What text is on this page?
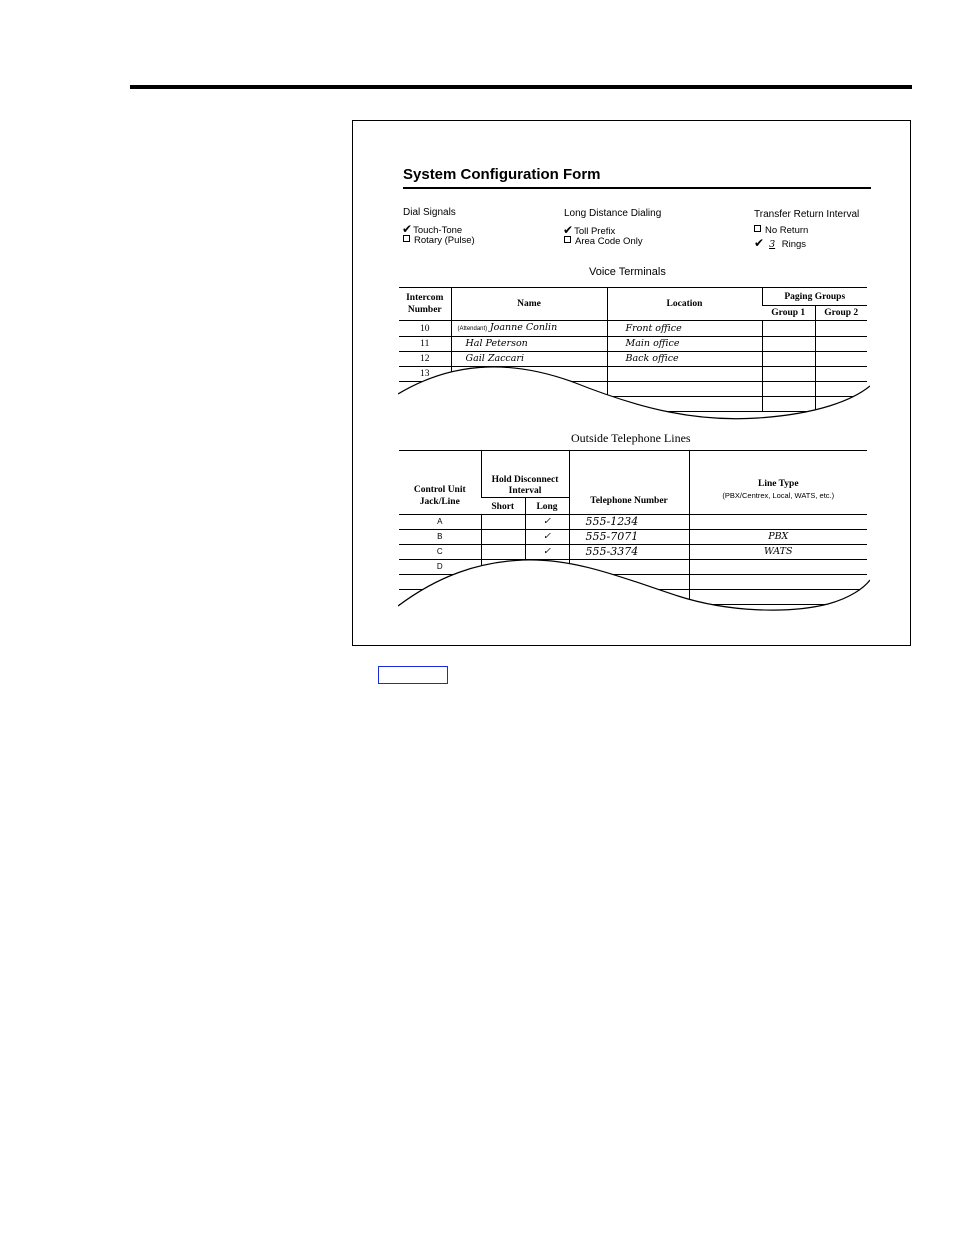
System Configuration Form
Dial Signals
✔Touch-Tone
Rotary (Pulse)
Long Distance Dialing
✔Toll Prefix
Area Code Only
Transfer Return Interval
No Return
✔ 3 Rings
Voice Terminals
Intercom Number	Name	Location	Paging Groups	
			Group 1	Group 2
10	(Attendant) Joanne Conlin	Front office		
11	Hal Peterson	Main office		
12	Gail Zaccari	Back office		
13				

Outside Telephone Lines
Control Unit Jack/Line	Hold Disconnect Interval		Telephone Number	Line Type
(PBX/Centrex, Local, WATS, etc.)

	Short	Long		
A		✓	555-1234	
B		✓	555-7071	PBX
C		✓	555-3374	WATS
D				
